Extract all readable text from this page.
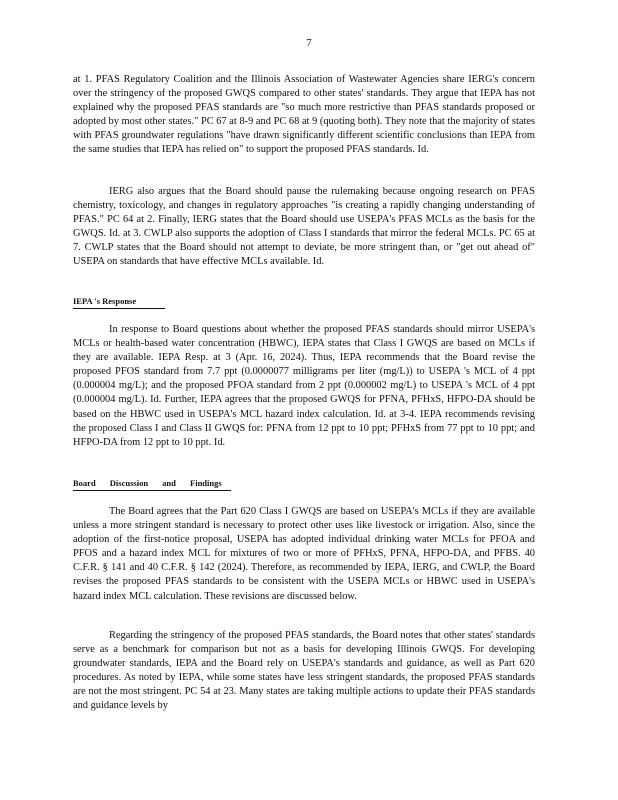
7

at 1. PFAS Regulatory Coalition and the Illinois Association of Wastewater Agencies share IERG's concern over the stringency of the proposed GWQS compared to other states' standards. They argue that IEPA has not explained why the proposed PFAS standards are "so much more restrictive than PFAS standards proposed or adopted by most other states." PC 67 at 8-9 and PC 68 at 9 (quoting both). They note that the majority of states with PFAS groundwater regulations "have drawn significantly different scientific conclusions than IEPA from the same studies that IEPA has relied on" to support the proposed PFAS standards. Id.

IERG also argues that the Board should pause the rulemaking because ongoing research on PFAS chemistry, toxicology, and changes in regulatory approaches "is creating a rapidly changing understanding of PFAS." PC 64 at 2. Finally, IERG states that the Board should use USEPA's PFAS MCLs as the basis for the GWQS. Id. at 3. CWLP also supports the adoption of Class I standards that mirror the federal MCLs. PC 65 at 7. CWLP states that the Board should not attempt to deviate, be more stringent than, or "get out ahead of" USEPA on standards that have effective MCLs available. Id.

IEPA 's Response

In response to Board questions about whether the proposed PFAS standards should mirror USEPA's MCLs or health-based water concentration (HBWC), IEPA states that Class I GWQS are based on MCLs if they are available. IEPA Resp. at 3 (Apr. 16, 2024). Thus, IEPA recommends that the Board revise the proposed PFOS standard from 7.7 ppt (0.0000077 milligrams per liter (mg/L)) to USEPA 's MCL of 4 ppt (0.000004 mg/L); and the proposed PFOA standard from 2 ppt (0.000002 mg/L) to USEPA 's MCL of 4 ppt (0.000004 mg/L). Id. Further, IEPA agrees that the proposed GWQS for PFNA, PFHxS, HFPO-DA should be based on the HBWC used in USEPA's MCL hazard index calculation. Id. at 3-4. IEPA recommends revising the proposed Class I and Class II GWQS for: PFNA from 12 ppt to 10 ppt; PFHxS from 77 ppt to 10 ppt; and HFPO-DA from 12 ppt to 10 ppt. Id.

Board Discussion and Findings

The Board agrees that the Part 620 Class I GWQS are based on USEPA's MCLs if they are available unless a more stringent standard is necessary to protect other uses like livestock or irrigation. Also, since the adoption of the first-notice proposal, USEPA has adopted individual drinking water MCLs for PFOA and PFOS and a hazard index MCL for mixtures of two or more of PFHxS, PFNA, HFPO-DA, and PFBS. 40 C.F.R. § 141 and 40 C.F.R. § 142 (2024). Therefore, as recommended by IEPA, IERG, and CWLP, the Board revises the proposed PFAS standards to be consistent with the USEPA MCLs or HBWC used in USEPA's hazard index MCL calculation. These revisions are discussed below.

Regarding the stringency of the proposed PFAS standards, the Board notes that other states' standards serve as a benchmark for comparison but not as a basis for developing Illinois GWQS. For developing groundwater standards, IEPA and the Board rely on USEPA's standards and guidance, as well as Part 620 procedures. As noted by IEPA, while some states have less stringent standards, the proposed PFAS standards are not the most stringent. PC 54 at 23. Many states are taking multiple actions to update their PFAS standards and guidance levels by
